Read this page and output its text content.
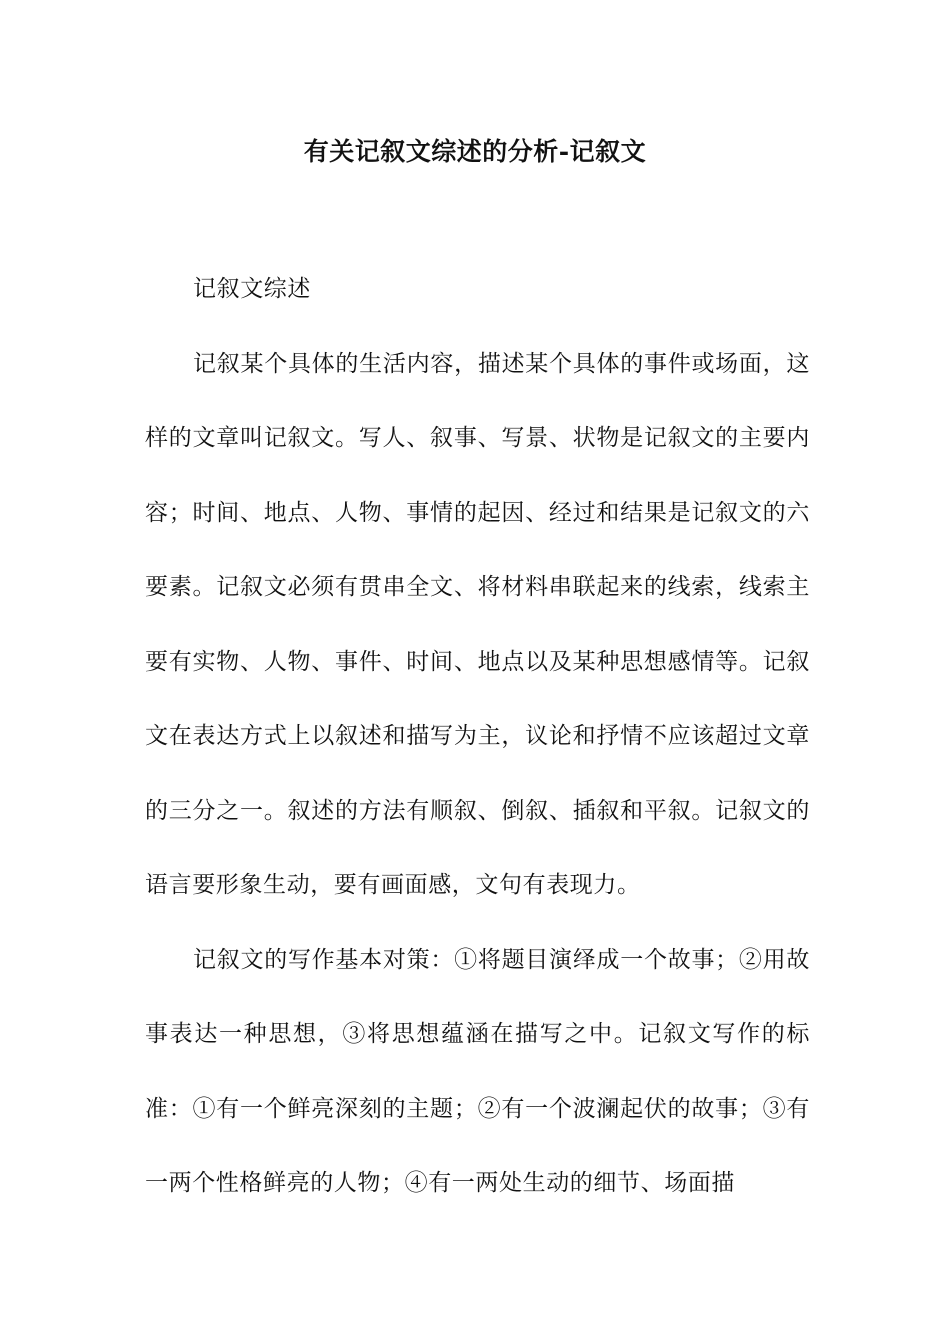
有关记叙文综述的分析-记叙文

记叙文综述

记叙某个具体的生活内容，描述某个具体的事件或场面，这样的文章叫记叙文。写人、叙事、写景、状物是记叙文的主要内容；时间、地点、人物、事情的起因、经过和结果是记叙文的六要素。记叙文必须有贯串全文、将材料串联起来的线索，线索主要有实物、人物、事件、时间、地点以及某种思想感情等。记叙文在表达方式上以叙述和描写为主，议论和抒情不应该超过文章的三分之一。叙述的方法有顺叙、倒叙、插叙和平叙。记叙文的语言要形象生动，要有画面感，文句有表现力。

记叙文的写作基本对策：①将题目演绎成一个故事；②用故事表达一种思想，③将思想蕴涵在描写之中。记叙文写作的标准：①有一个鲜亮深刻的主题；②有一个波澜起伏的故事；③有一两个性格鲜亮的人物；④有一两处生动的细节、场面描
